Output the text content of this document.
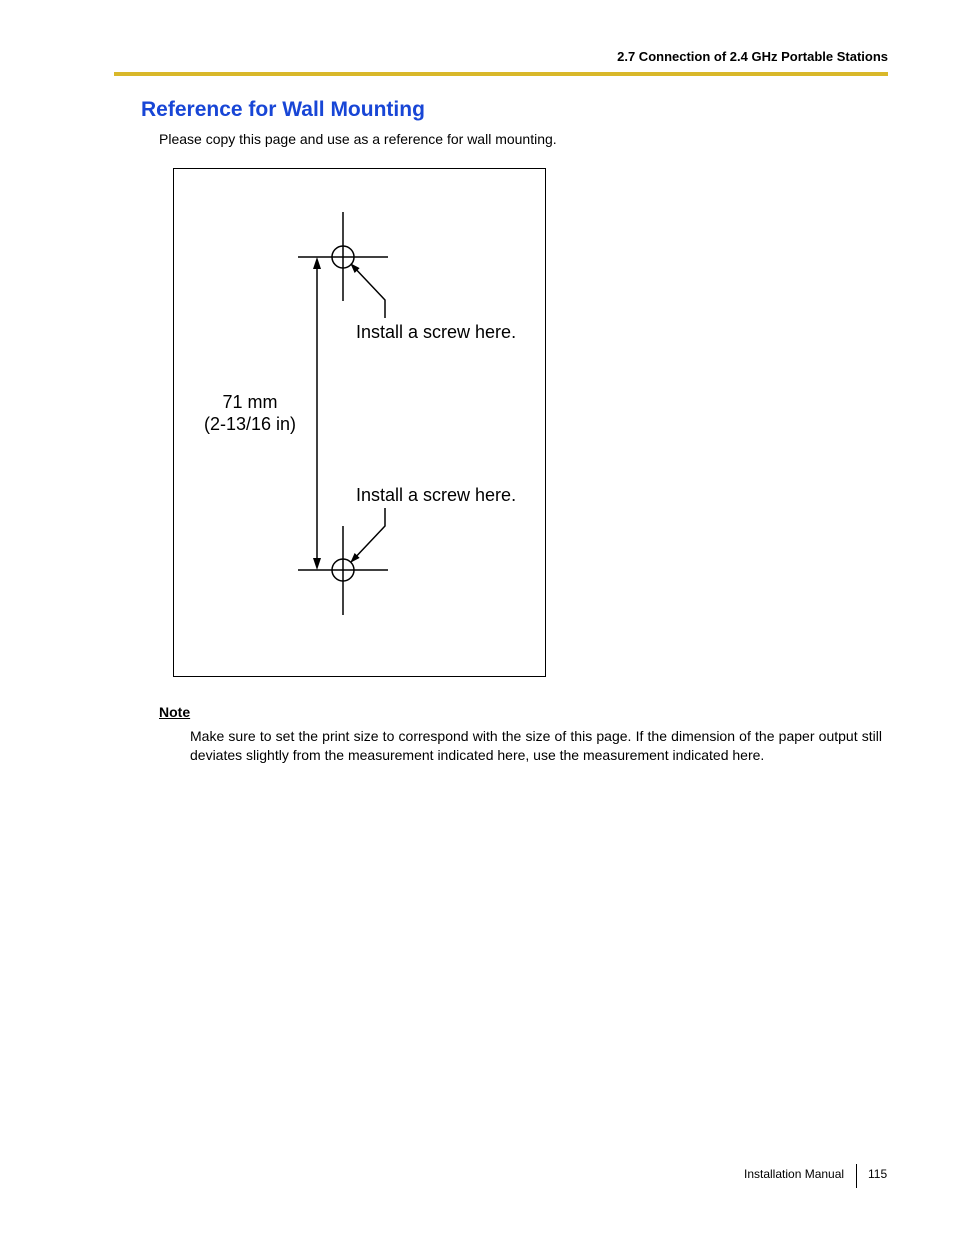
2.7 Connection of 2.4 GHz Portable Stations
Reference for Wall Mounting
Please copy this page and use as a reference for wall mounting.
Install a screw here.
Install a screw here.
71 mm
(2-13/16 in)
Note
Make sure to set the print size to correspond with the size of this page. If the dimension of the paper output still deviates slightly from the measurement indicated here, use the measurement indicated here.
Installation Manual 115
